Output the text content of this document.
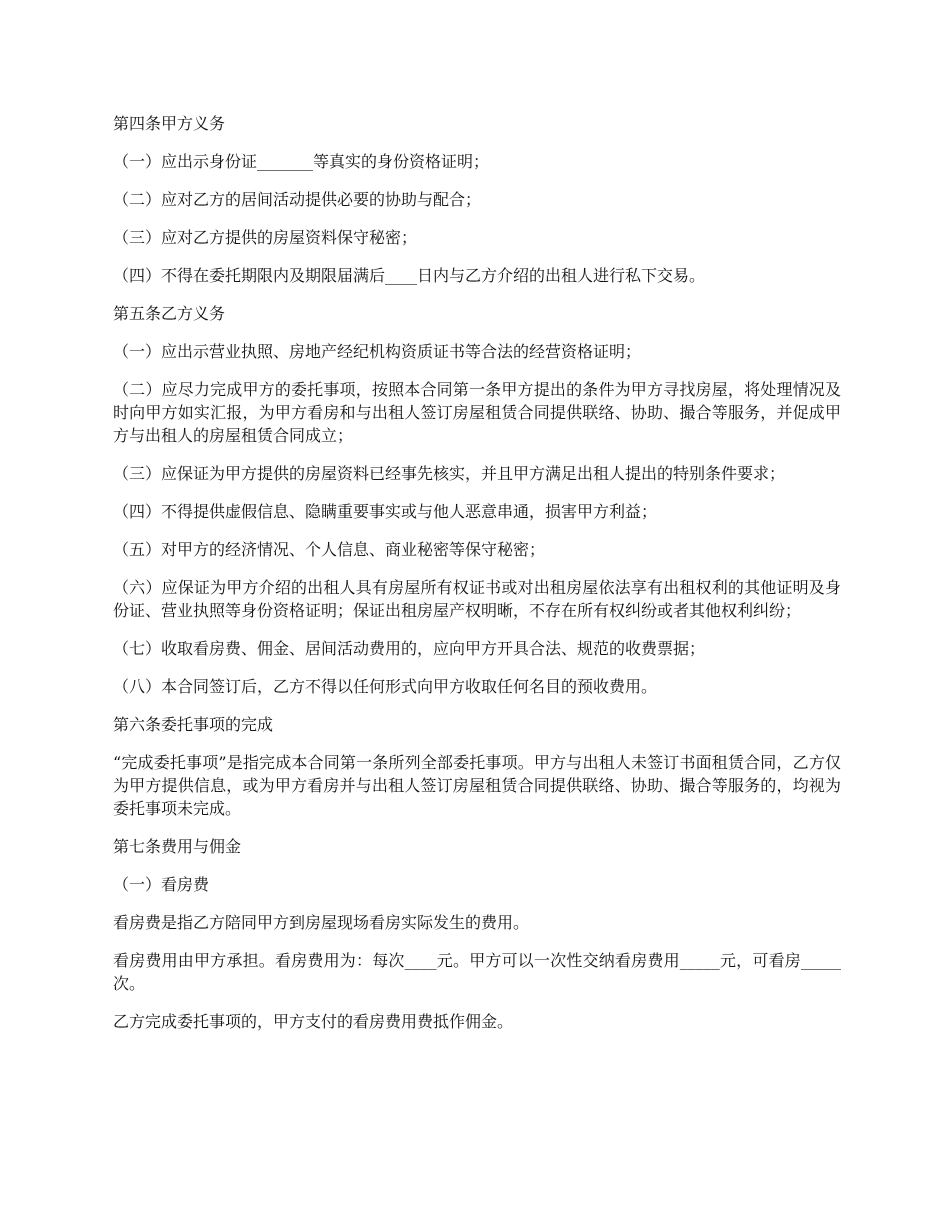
第四条甲方义务

（一）应出示身份证_______等真实的身份资格证明；

（二）应对乙方的居间活动提供必要的协助与配合；

（三）应对乙方提供的房屋资料保守秘密；

（四）不得在委托期限内及期限届满后____日内与乙方介绍的出租人进行私下交易。

第五条乙方义务

（一）应出示营业执照、房地产经纪机构资质证书等合法的经营资格证明；

（二）应尽力完成甲方的委托事项，按照本合同第一条甲方提出的条件为甲方寻找房屋，将处理情况及时向甲方如实汇报，为甲方看房和与出租人签订房屋租赁合同提供联络、协助、撮合等服务，并促成甲方与出租人的房屋租赁合同成立；

（三）应保证为甲方提供的房屋资料已经事先核实，并且甲方满足出租人提出的特别条件要求；

（四）不得提供虚假信息、隐瞒重要事实或与他人恶意串通，损害甲方利益；

（五）对甲方的经济情况、个人信息、商业秘密等保守秘密；

（六）应保证为甲方介绍的出租人具有房屋所有权证书或对出租房屋依法享有出租权利的其他证明及身份证、营业执照等身份资格证明；保证出租房屋产权明晰，不存在所有权纠纷或者其他权利纠纷；

（七）收取看房费、佣金、居间活动费用的，应向甲方开具合法、规范的收费票据；

（八）本合同签订后，乙方不得以任何形式向甲方收取任何名目的预收费用。

第六条委托事项的完成

“完成委托事项”是指完成本合同第一条所列全部委托事项。甲方与出租人未签订书面租赁合同，乙方仅为甲方提供信息，或为甲方看房并与出租人签订房屋租赁合同提供联络、协助、撮合等服务的，均视为委托事项未完成。

第七条费用与佣金

（一）看房费

看房费是指乙方陪同甲方到房屋现场看房实际发生的费用。

看房费用由甲方承担。看房费用为：每次____元。甲方可以一次性交纳看房费用_____元，可看房_____次。

乙方完成委托事项的，甲方支付的看房费用费抵作佣金。
